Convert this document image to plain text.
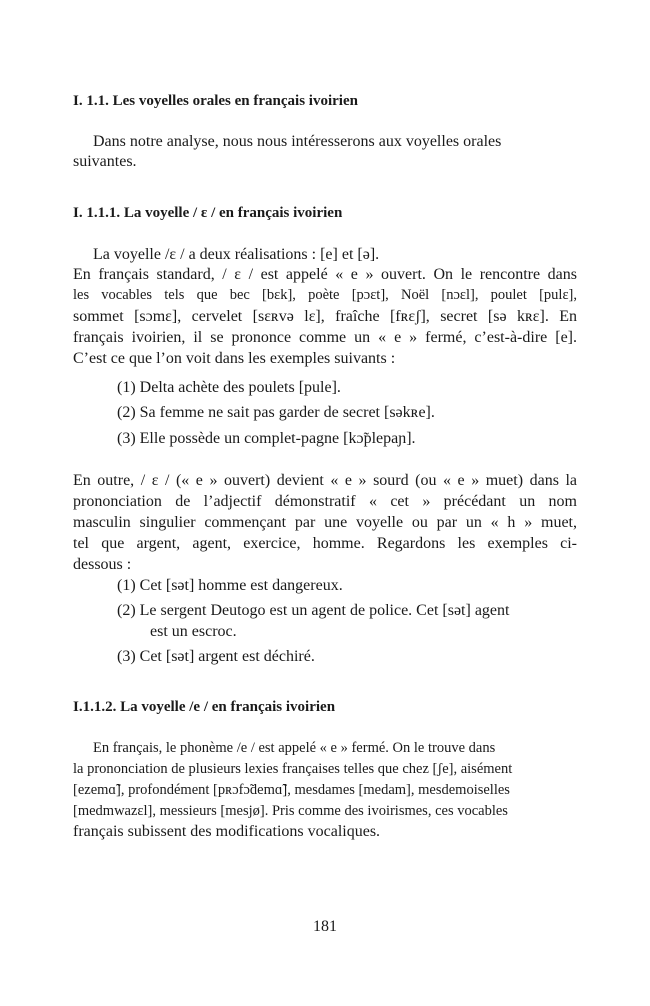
I. 1.1. Les voyelles orales en français ivoirien
Dans notre analyse, nous nous intéresserons aux voyelles orales
suivantes.
I. 1.1.1. La voyelle / ɛ / en français ivoirien
La voyelle /ɛ / a deux réalisations : [e] et [ə].
En français standard, / ɛ / est appelé « e » ouvert. On le rencontre dans
les vocables tels que bec [bɛk], poète [pɔɛt], Noël [nɔɛl], poulet [pulɛ],
sommet [sɔmɛ], cervelet [sɛʀvə lɛ], fraîche [fʀɛʃ], secret [sə kʀɛ]. En
français ivoirien, il se prononce comme un « e » fermé, c’est-à-dire [e].
C’est ce que l’on voit dans les exemples suivants :
(1) Delta achète des poulets [pule].
(2) Sa femme ne sait pas garder de secret [səkʀe].
(3) Elle possède un complet-pagne [kɔ̃plepaɲ].
En outre, / ɛ / (« e » ouvert) devient « e » sourd (ou « e » muet) dans la
prononciation de l’adjectif démonstratif « cet » précédant un nom
masculin singulier commençant par une voyelle ou par un « h » muet,
tel que argent, agent, exercice, homme. Regardons les exemples ci-
dessous :
(1) Cet [sət] homme est dangereux.
(2) Le sergent Deutogo est un agent de police. Cet [sət] agent
est un escroc.
(3) Cet [sət] argent est déchiré.
I.1.1.2. La voyelle /e / en français ivoirien
En français, le phonème /e / est appelé « e » fermé. On le trouve dans
la prononciation de plusieurs lexies françaises telles que chez [ʃe], aisément
[ezemɑ̃], profondément [pʀɔfɔ̃demɑ̃], mesdames [medam], mesdemoiselles
[medmwazɛl], messieurs [mesjø]. Pris comme des ivoirismes, ces vocables
français subissent des modifications vocaliques.
181
